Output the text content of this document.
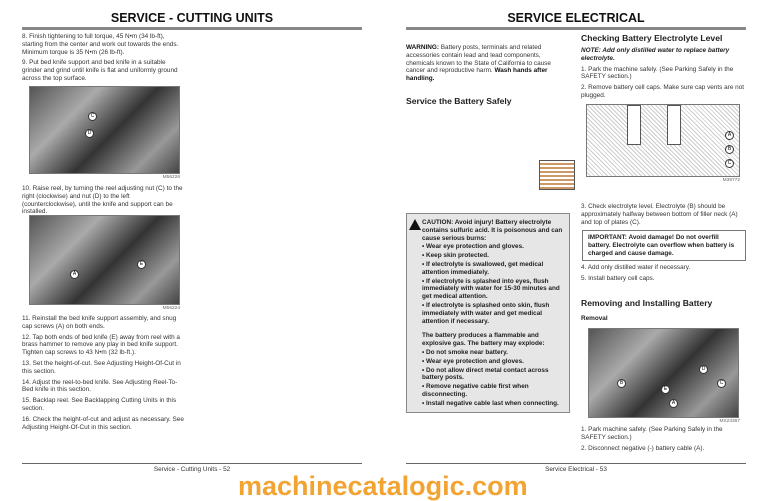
SERVICE - CUTTING UNITS

8. Finish tightening to full torque, 45 N•m (34 lb-ft), starting from the center and work out towards the ends. Minimum torque is 35 N•m (26 lb-ft).

9. Put bed knife support and bed knife in a suitable grinder and grind until knife is flat and uniformly ground across the top surface.

C
D
M56226

10. Raise reel, by turning the reel adjusting nut (C) to the right (clockwise) and nut (D) to the left (counterclockwise), until the knife and support can be installed.

E
A
M56224

11. Reinstall the bed knife support assembly, and snug cap screws (A) on both ends.

12. Tap both ends of bed knife (E) away from reel with a brass hammer to remove any play in bed knife support. Tighten cap screws to 43 N•m (32 lb-ft.).

13. Set the height-of-cut. See Adjusting Height-Of-Cut in this section.

14. Adjust the reel-to-bed knife. See Adjusting Reel-To-Bed knife in this section.

15. Backlap reel. See Backlapping Cutting Units in this section.

16. Check the height-of-cut and adjust as necessary. See Adjusting Height-Of-Cut in this section.

Service - Cutting Units - 52
SERVICE ELECTRICAL

WARNING: Battery posts, terminals and related accessories contain lead and lead components, chemicals known to the State of California to cause cancer and reproductive harm. Wash hands after handling.

Service the Battery Safely

CAUTION: Avoid injury! Battery electrolyte contains sulfuric acid. It is poisonous and can cause serious burns:

• Wear eye protection and gloves.

• Keep skin protected.

• If electrolyte is swallowed, get medical attention immediately.

• If electrolyte is splashed into eyes, flush immediately with water for 15-30 minutes and get medical attention.

• If electrolyte is splashed onto skin, flush immediately with water and get medical attention if necessary.

The battery produces a flammable and explosive gas. The battery may explode:

• Do not smoke near battery.

• Wear eye protection and gloves.

• Do not allow direct metal contact across battery posts.

• Remove negative cable first when disconnecting.

• Install negative cable last when connecting.

Checking Battery Electrolyte Level

NOTE: Add only distilled water to replace battery electrolyte.

1. Park the machine safely. (See Parking Safely in the SAFETY section.)

2. Remove battery cell caps. Make sure cap vents are not plugged.

A
B
C
M39772

3. Check electrolyte level. Electrolyte (B) should be approximately halfway between bottom of filler neck (A) and top of plates (C).

IMPORTANT: Avoid damage! Do not overfill battery. Electrolyte can overflow when battery is charged and cause damage.

4. Add only distilled water if necessary.

5. Install battery cell caps.

Removing and Installing Battery
Removal
D
B
E
A
C
MX23367

1. Park machine safely. (See Parking Safely in the SAFETY section.)

2. Disconnect negative (-) battery cable (A).

Service Electrical - 53
machinecatalogic.com
